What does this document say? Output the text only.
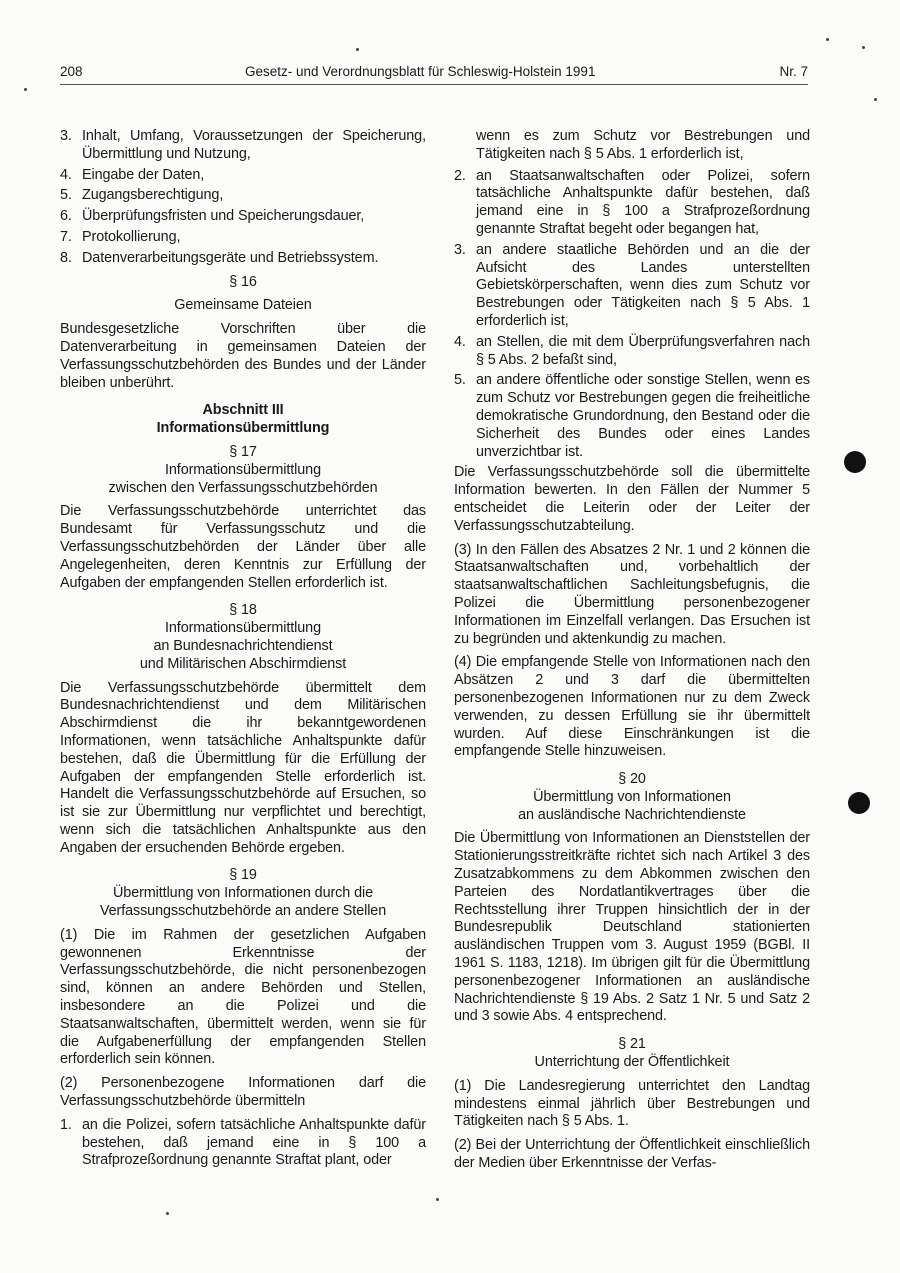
208	Gesetz- und Verordnungsblatt für Schleswig-Holstein 1991	Nr. 7
3. Inhalt, Umfang, Voraussetzungen der Speicherung, Übermittlung und Nutzung,
4. Eingabe der Daten,
5. Zugangsberechtigung,
6. Überprüfungsfristen und Speicherungsdauer,
7. Protokollierung,
8. Datenverarbeitungsgeräte und Betriebssystem.
§ 16
Gemeinsame Dateien

Bundesgesetzliche Vorschriften über die Datenverarbeitung in gemeinsamen Dateien der Verfassungsschutzbehörden des Bundes und der Länder bleiben unberührt.

Abschnitt III
Informationsübermittlung
§ 17
Informationsübermittlung
zwischen den Verfassungsschutzbehörden

Die Verfassungsschutzbehörde unterrichtet das Bundesamt für Verfassungsschutz und die Verfassungsschutzbehörden der Länder über alle Angelegenheiten, deren Kenntnis zur Erfüllung der Aufgaben der empfangenden Stellen erforderlich ist.

§ 18
Informationsübermittlung
an Bundesnachrichtendienst
und Militärischen Abschirmdienst

Die Verfassungsschutzbehörde übermittelt dem Bundesnachrichtendienst und dem Militärischen Abschirmdienst die ihr bekanntgewordenen Informationen, wenn tatsächliche Anhaltspunkte dafür bestehen, daß die Übermittlung für die Erfüllung der Aufgaben der empfangenden Stelle erforderlich ist. Handelt die Verfassungsschutzbehörde auf Ersuchen, so ist sie zur Übermittlung nur verpflichtet und berechtigt, wenn sich die tatsächlichen Anhaltspunkte aus den Angaben der ersuchenden Behörde ergeben.

§ 19
Übermittlung von Informationen durch die
Verfassungsschutzbehörde an andere Stellen

(1) Die im Rahmen der gesetzlichen Aufgaben gewonnenen Erkenntnisse der Verfassungsschutzbehörde, die nicht personenbezogen sind, können an andere Behörden und Stellen, insbesondere an die Polizei und die Staatsanwaltschaften, übermittelt werden, wenn sie für die Aufgabenerfüllung der empfangenden Stellen erforderlich sein können.

(2) Personenbezogene Informationen darf die Verfassungsschutzbehörde übermitteln

1. an die Polizei, sofern tatsächliche Anhaltspunkte dafür bestehen, daß jemand eine in § 100 a Strafprozeßordnung genannte Straftat plant, oder

wenn es zum Schutz vor Bestrebungen und Tätigkeiten nach § 5 Abs. 1 erforderlich ist,

2. an Staatsanwaltschaften oder Polizei, sofern tatsächliche Anhaltspunkte dafür bestehen, daß jemand eine in § 100 a Strafprozeßordnung genannte Straftat begeht oder begangen hat,
3. an andere staatliche Behörden und an die der Aufsicht des Landes unterstellten Gebietskörperschaften, wenn dies zum Schutz vor Bestrebungen oder Tätigkeiten nach § 5 Abs. 1 erforderlich ist,
4. an Stellen, die mit dem Überprüfungsverfahren nach § 5 Abs. 2 befaßt sind,
5. an andere öffentliche oder sonstige Stellen, wenn es zum Schutz vor Bestrebungen gegen die freiheitliche demokratische Grundordnung, den Bestand oder die Sicherheit des Bundes oder eines Landes unverzichtbar ist.

Die Verfassungsschutzbehörde soll die übermittelte Information bewerten. In den Fällen der Nummer 5 entscheidet die Leiterin oder der Leiter der Verfassungsschutzabteilung.

(3) In den Fällen des Absatzes 2 Nr. 1 und 2 können die Staatsanwaltschaften und, vorbehaltlich der staatsanwaltschaftlichen Sachleitungsbefugnis, die Polizei die Übermittlung personenbezogener Informationen im Einzelfall verlangen. Das Ersuchen ist zu begründen und aktenkundig zu machen.

(4) Die empfangende Stelle von Informationen nach den Absätzen 2 und 3 darf die übermittelten personenbezogenen Informationen nur zu dem Zweck verwenden, zu dessen Erfüllung sie ihr übermittelt wurden. Auf diese Einschränkungen ist die empfangende Stelle hinzuweisen.

§ 20
Übermittlung von Informationen
an ausländische Nachrichtendienste

Die Übermittlung von Informationen an Dienststellen der Stationierungsstreitkräfte richtet sich nach Artikel 3 des Zusatzabkommens zu dem Abkommen zwischen den Parteien des Nordatlantikvertrages über die Rechtsstellung ihrer Truppen hinsichtlich der in der Bundesrepublik Deutschland stationierten ausländischen Truppen vom 3. August 1959 (BGBl. II 1961 S. 1183, 1218). Im übrigen gilt für die Übermittlung personenbezogener Informationen an ausländische Nachrichtendienste § 19 Abs. 2 Satz 1 Nr. 5 und Satz 2 und 3 sowie Abs. 4 entsprechend.

§ 21
Unterrichtung der Öffentlichkeit

(1) Die Landesregierung unterrichtet den Landtag mindestens einmal jährlich über Bestrebungen und Tätigkeiten nach § 5 Abs. 1.

(2) Bei der Unterrichtung der Öffentlichkeit einschließlich der Medien über Erkenntnisse der Verfas-
